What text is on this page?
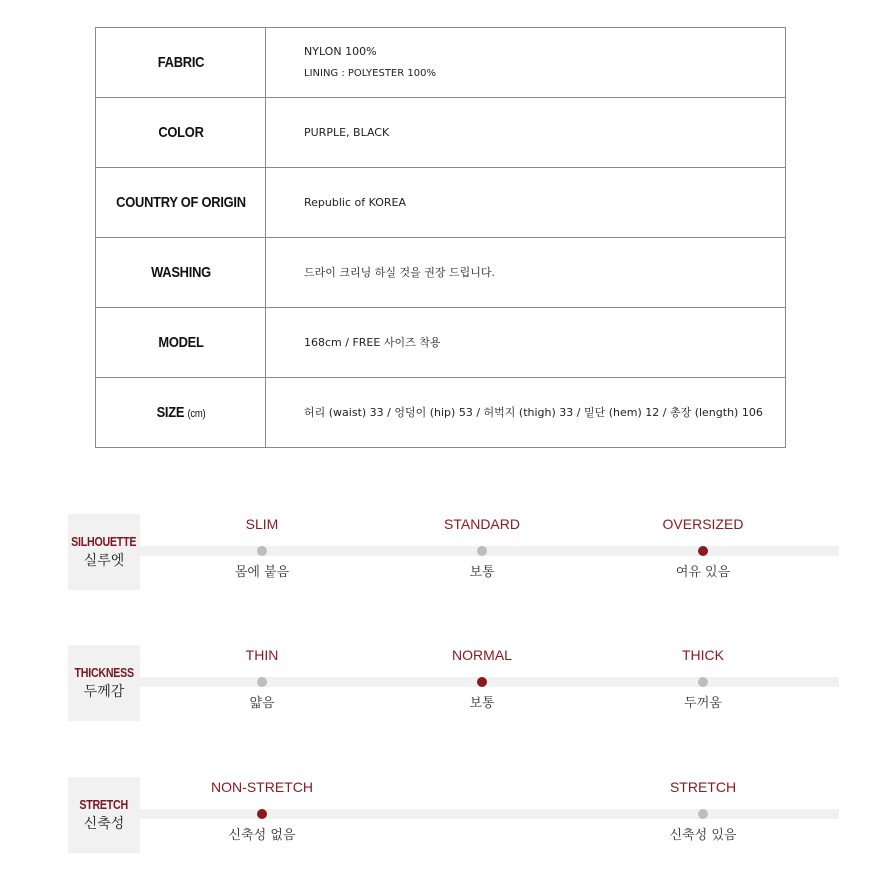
FABRIC	NYLON 100%
LINING : POLYESTER 100%

COLOR	PURPLE, BLACK

COUNTRY OF ORIGIN	Republic of KOREA

WASHING	드라이 크리닝 하실 것을 권장 드립니다.

MODEL	168cm / FREE 사이즈 착용

SIZE (cm)	허리 (waist) 33 / 엉덩이 (hip) 53 / 허벅지 (thigh) 33 / 밑단 (hem) 12 / 총장 (length) 106
SILHOUETTE
실루엣
SLIM
몸에 붙음
STANDARD
보통
OVERSIZED
여유 있음
THICKNESS
두께감
THIN
얇음
NORMAL
보통
THICK
두꺼움
STRETCH
신축성
NON-STRETCH
신축성 없음
STRETCH
신축성 있음
